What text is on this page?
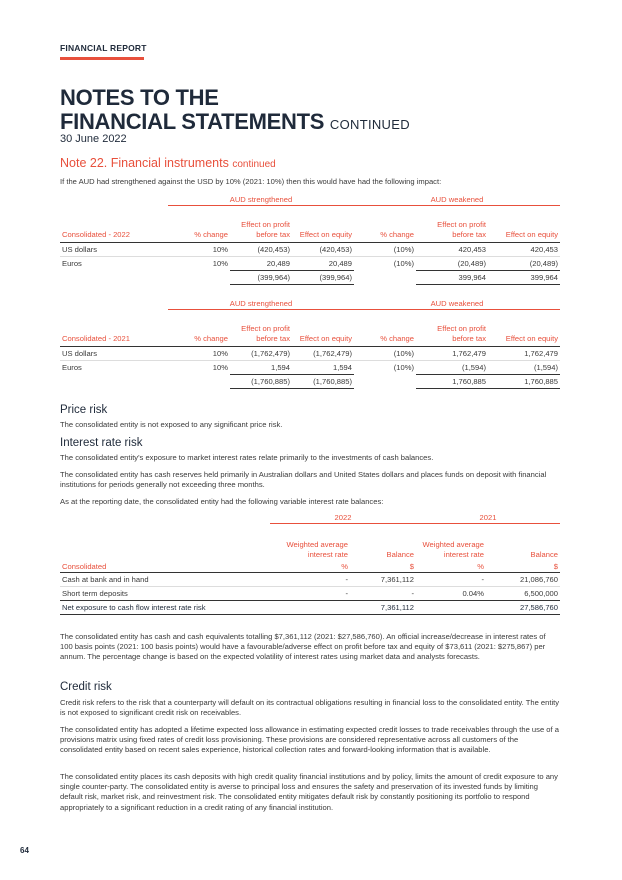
FINANCIAL REPORT
NOTES TO THE
FINANCIAL STATEMENTS CONTINUED
30 June 2022
Note 22. Financial instruments continued

If the AUD had strengthened against the USD by 10% (2021: 10%) then this would have had the following impact:

	AUD strengthened			AUD weakened		
Consolidated - 2022	% change	Effect on profit before tax	Effect on equity	% change	Effect on profit before tax	Effect on equity
US dollars	10%	(420,453)	(420,453)	(10%)	420,453	420,453
Euros	10%	20,489	20,489	(10%)	(20,489)	(20,489)
		(399,964)	(399,964)		399,964	399,964
	AUD strengthened			AUD weakened		
Consolidated - 2021	% change	Effect on profit before tax	Effect on equity	% change	Effect on profit before tax	Effect on equity
US dollars	10%	(1,762,479)	(1,762,479)	(10%)	1,762,479	1,762,479
Euros	10%	1,594	1,594	(10%)	(1,594)	(1,594)
		(1,760,885)	(1,760,885)		1,760,885	1,760,885
Price risk

The consolidated entity is not exposed to any significant price risk.

Interest rate risk

The consolidated entity's exposure to market interest rates relate primarily to the investments of cash balances.

The consolidated entity has cash reserves held primarily in Australian dollars and United States dollars and places funds on deposit with financial institutions for periods generally not exceeding three months.

As at the reporting date, the consolidated entity had the following variable interest rate balances:

	2022		2021	
	Weighted average interest rate	Balance	Weighted average interest rate	Balance
Consolidated	%	$	%	$
Cash at bank and in hand	-	7,361,112	-	21,086,760
Short term deposits	-	-	0.04%	6,500,000
Net exposure to cash flow interest rate risk		7,361,112		27,586,760

The consolidated entity has cash and cash equivalents totalling $7,361,112 (2021: $27,586,760). An official increase/decrease in interest rates of 100 basis points (2021: 100 basis points) would have a favourable/adverse effect on profit before tax and equity of $73,611 (2021: $275,867) per annum. The percentage change is based on the expected volatility of interest rates using market data and analysts forecasts.

Credit risk

Credit risk refers to the risk that a counterparty will default on its contractual obligations resulting in financial loss to the consolidated entity. The entity is not exposed to significant credit risk on receivables.

The consolidated entity has adopted a lifetime expected loss allowance in estimating expected credit losses to trade receivables through the use of a provisions matrix using fixed rates of credit loss provisioning. These provisions are considered representative across all customers of the consolidated entity based on recent sales experience, historical collection rates and forward-looking information that is available.

The consolidated entity places its cash deposits with high credit quality financial institutions and by policy, limits the amount of credit exposure to any single counter-party. The consolidated entity is averse to principal loss and ensures the safety and preservation of its invested funds by limiting default risk, market risk, and reinvestment risk. The consolidated entity mitigates default risk by constantly positioning its portfolio to respond appropriately to a significant reduction in a credit rating of any financial institution.

64
